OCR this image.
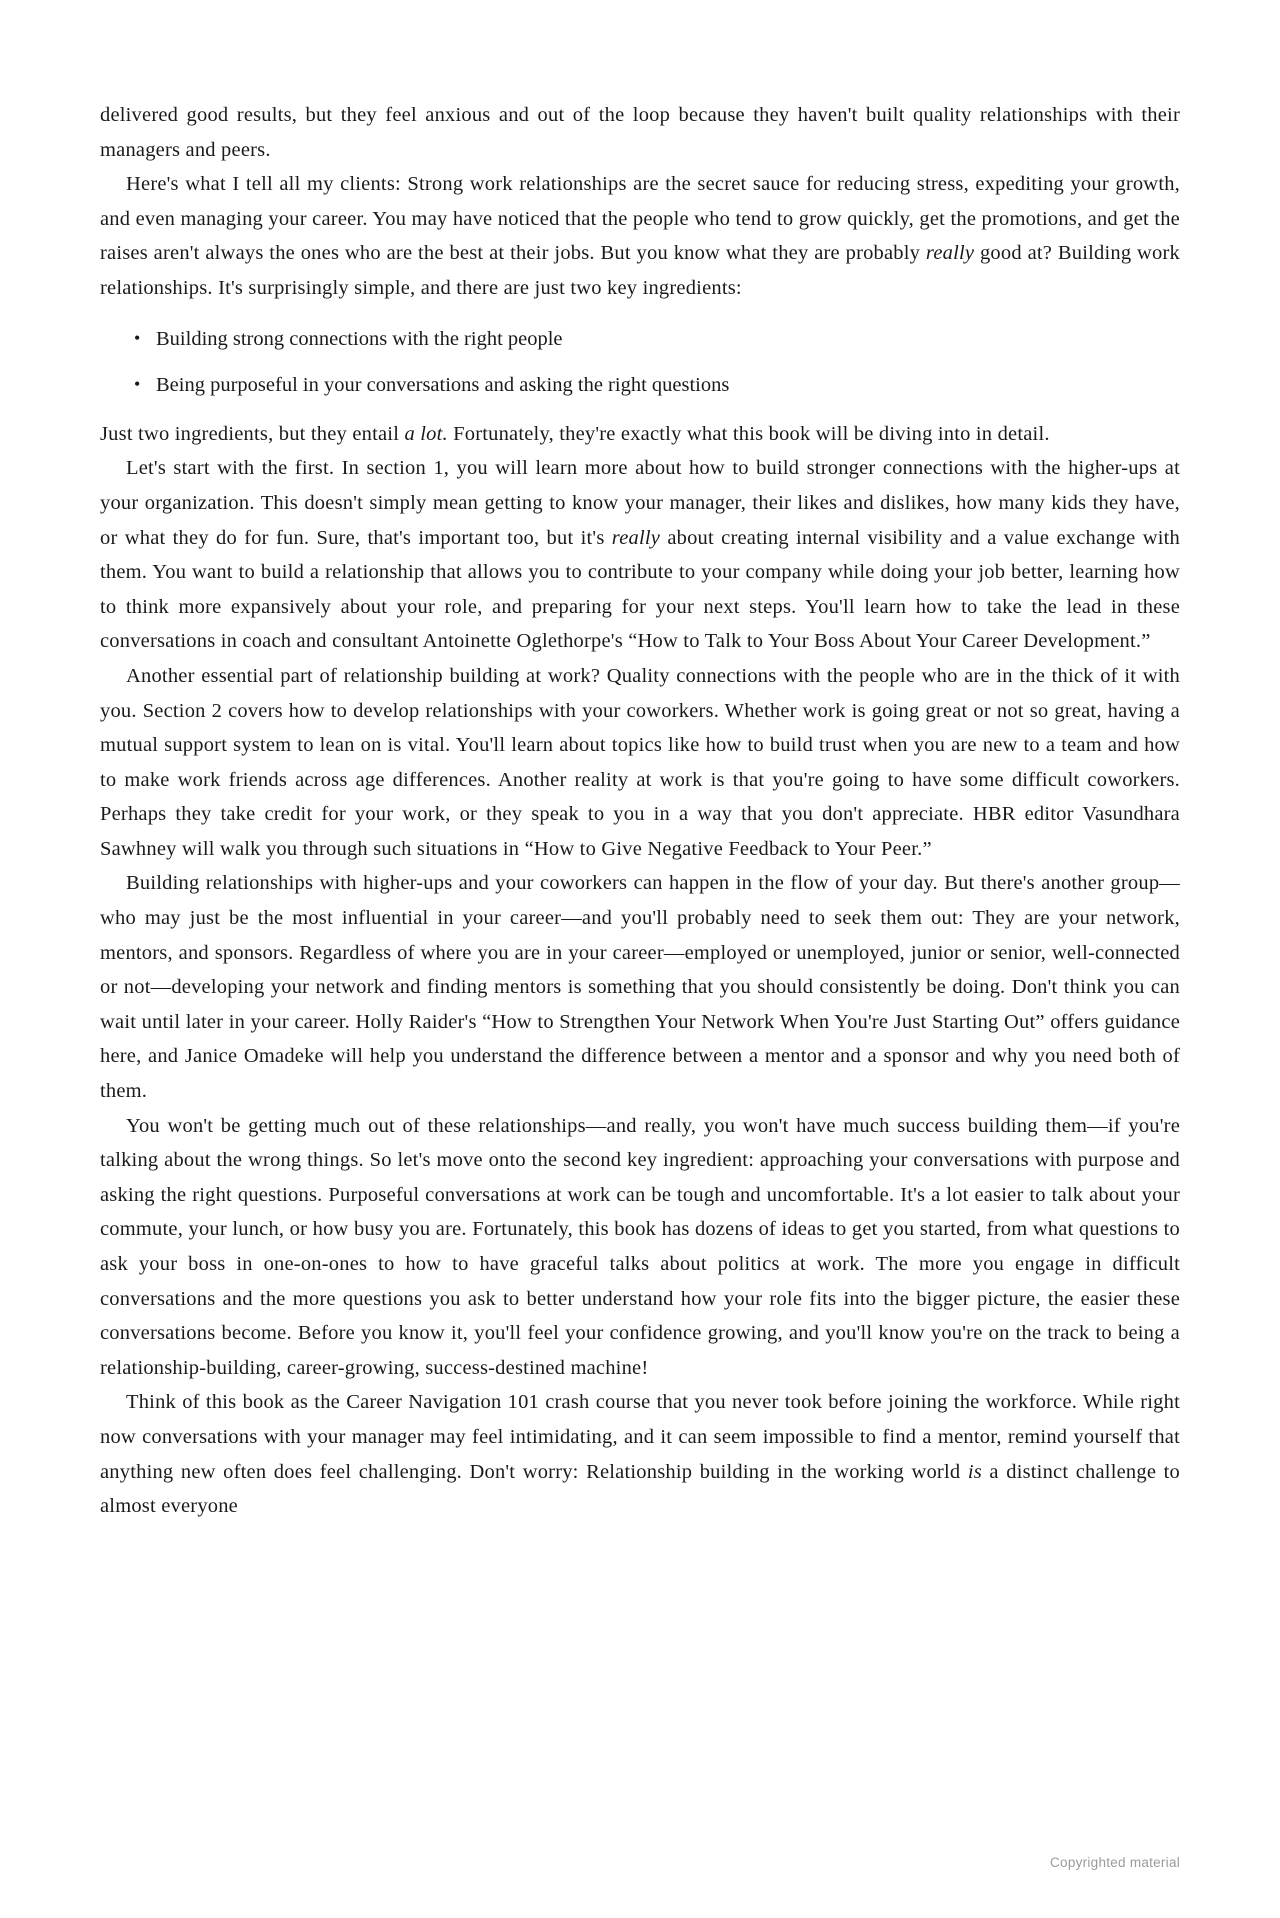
delivered good results, but they feel anxious and out of the loop because they haven't built quality relationships with their managers and peers.

Here's what I tell all my clients: Strong work relationships are the secret sauce for reducing stress, expediting your growth, and even managing your career. You may have noticed that the people who tend to grow quickly, get the promotions, and get the raises aren't always the ones who are the best at their jobs. But you know what they are probably really good at? Building work relationships. It's surprisingly simple, and there are just two key ingredients:

• Building strong connections with the right people
• Being purposeful in your conversations and asking the right questions

Just two ingredients, but they entail a lot. Fortunately, they're exactly what this book will be diving into in detail.

Let's start with the first. In section 1, you will learn more about how to build stronger connections with the higher-ups at your organization. This doesn't simply mean getting to know your manager, their likes and dislikes, how many kids they have, or what they do for fun. Sure, that's important too, but it's really about creating internal visibility and a value exchange with them. You want to build a relationship that allows you to contribute to your company while doing your job better, learning how to think more expansively about your role, and preparing for your next steps. You'll learn how to take the lead in these conversations in coach and consultant Antoinette Oglethorpe's “How to Talk to Your Boss About Your Career Development.”

Another essential part of relationship building at work? Quality connections with the people who are in the thick of it with you. Section 2 covers how to develop relationships with your coworkers. Whether work is going great or not so great, having a mutual support system to lean on is vital. You'll learn about topics like how to build trust when you are new to a team and how to make work friends across age differences. Another reality at work is that you're going to have some difficult coworkers. Perhaps they take credit for your work, or they speak to you in a way that you don't appreciate. HBR editor Vasundhara Sawhney will walk you through such situations in “How to Give Negative Feedback to Your Peer.”

Building relationships with higher-ups and your coworkers can happen in the flow of your day. But there's another group—who may just be the most influential in your career—and you'll probably need to seek them out: They are your network, mentors, and sponsors. Regardless of where you are in your career—employed or unemployed, junior or senior, well-connected or not—developing your network and finding mentors is something that you should consistently be doing. Don't think you can wait until later in your career. Holly Raider's “How to Strengthen Your Network When You're Just Starting Out” offers guidance here, and Janice Omadeke will help you understand the difference between a mentor and a sponsor and why you need both of them.

You won't be getting much out of these relationships—and really, you won't have much success building them—if you're talking about the wrong things. So let's move onto the second key ingredient: approaching your conversations with purpose and asking the right questions. Purposeful conversations at work can be tough and uncomfortable. It's a lot easier to talk about your commute, your lunch, or how busy you are. Fortunately, this book has dozens of ideas to get you started, from what questions to ask your boss in one-on-ones to how to have graceful talks about politics at work. The more you engage in difficult conversations and the more questions you ask to better understand how your role fits into the bigger picture, the easier these conversations become. Before you know it, you'll feel your confidence growing, and you'll know you're on the track to being a relationship-building, career-growing, success-destined machine!

Think of this book as the Career Navigation 101 crash course that you never took before joining the workforce. While right now conversations with your manager may feel intimidating, and it can seem impossible to find a mentor, remind yourself that anything new often does feel challenging. Don't worry: Relationship building in the working world is a distinct challenge to almost everyone

Copyrighted material
